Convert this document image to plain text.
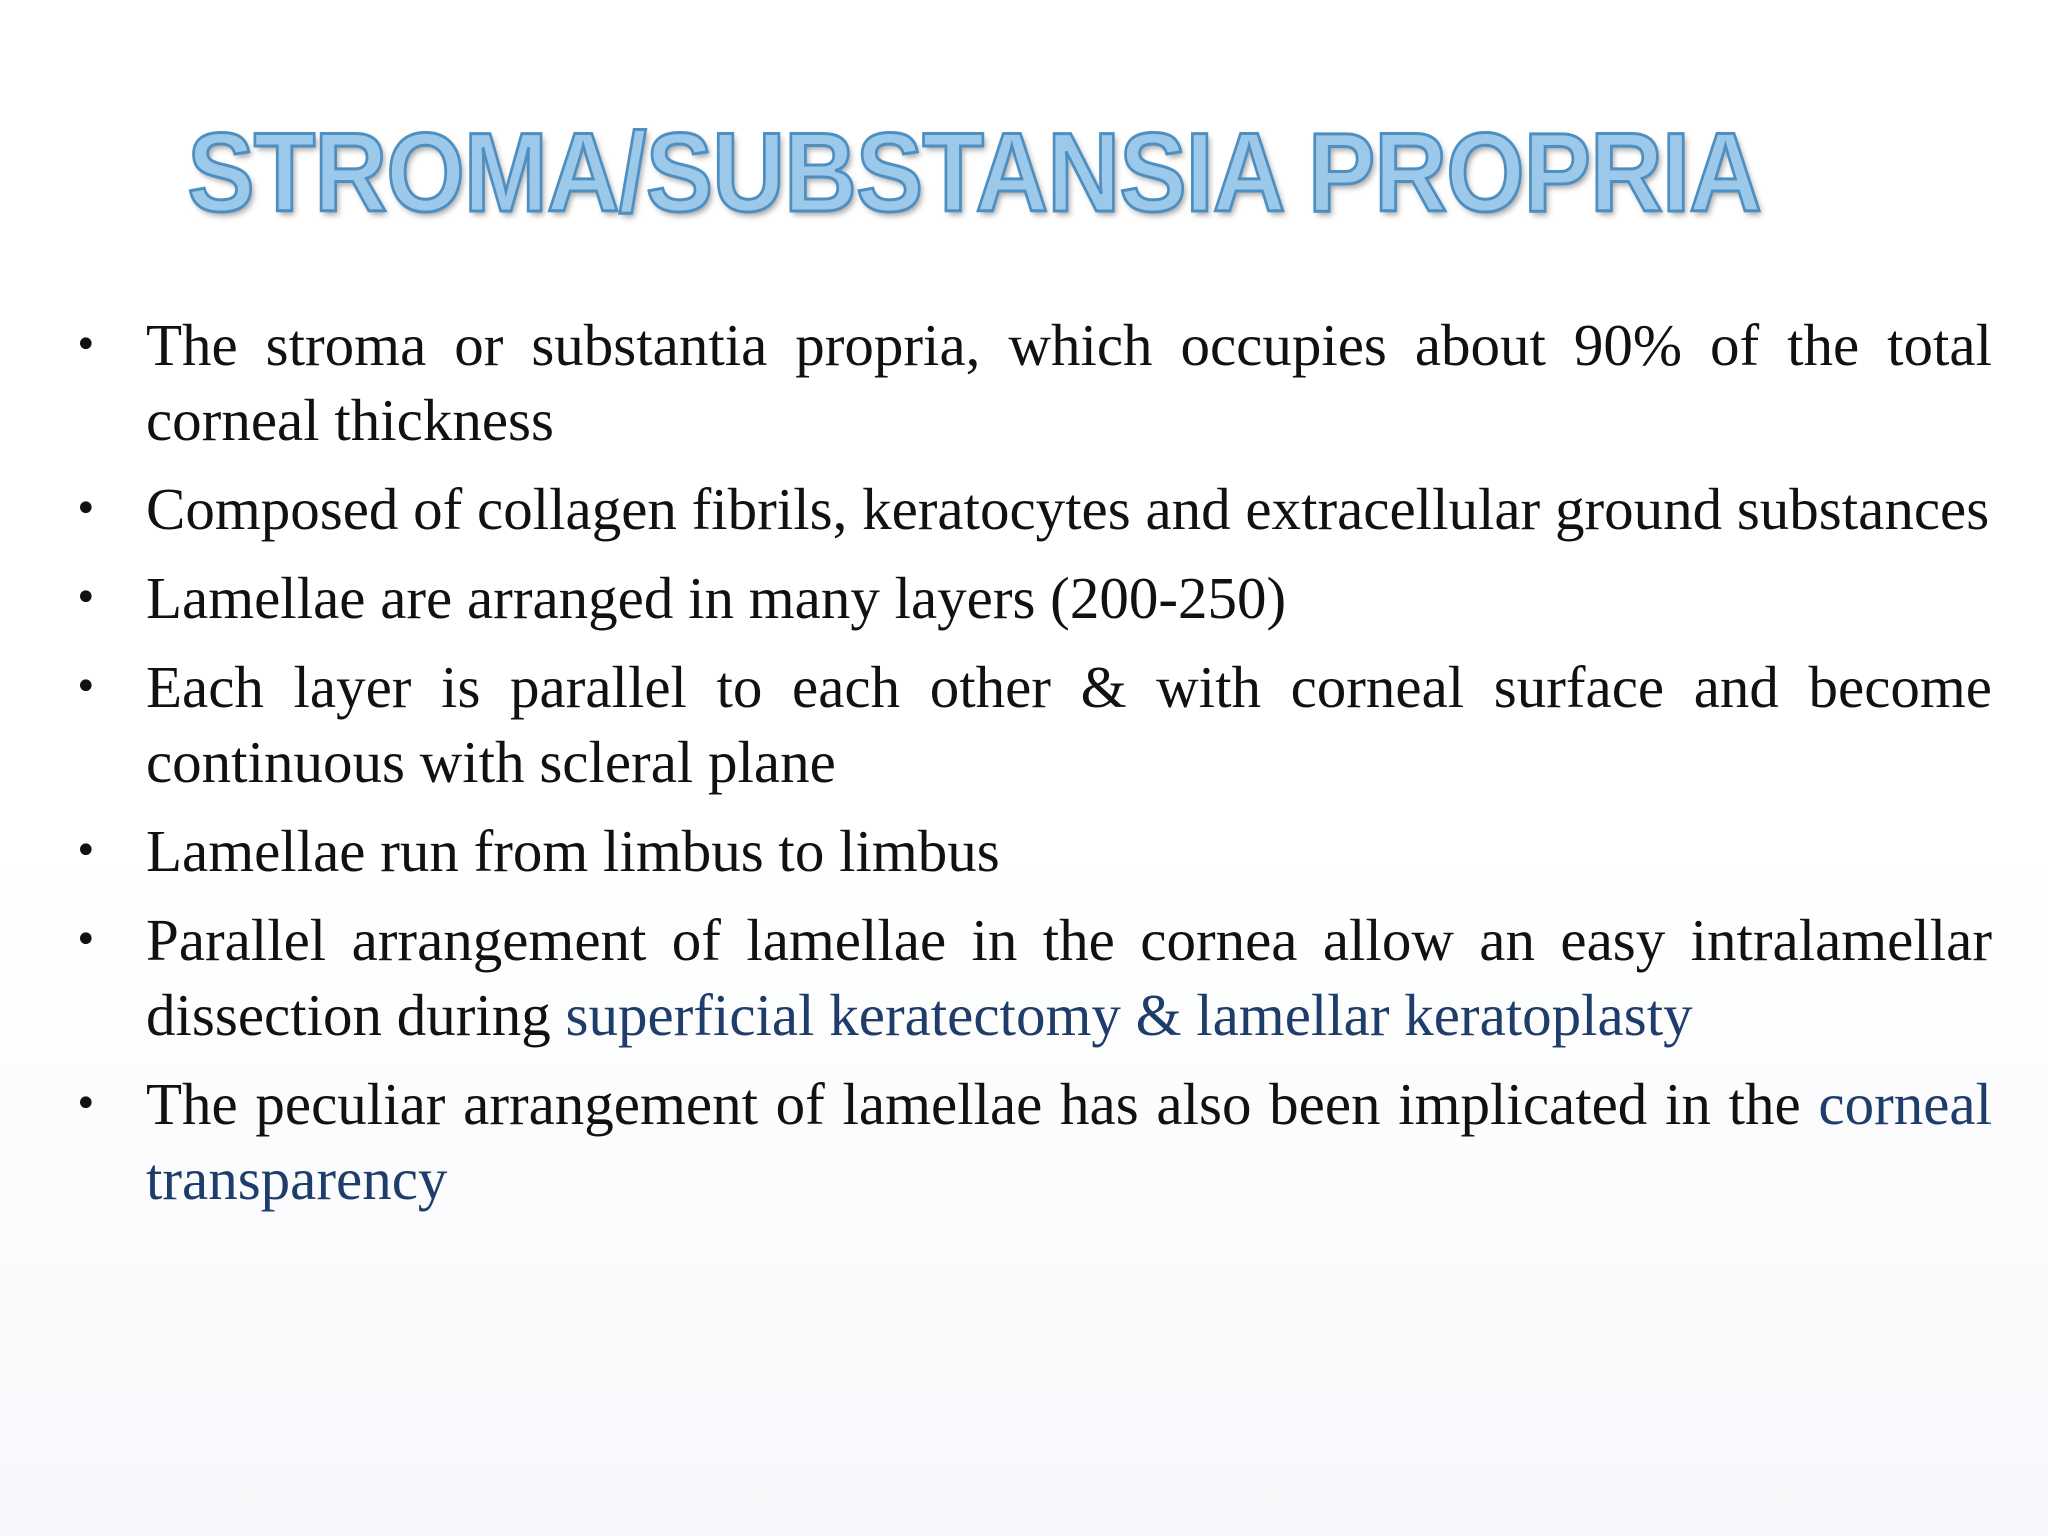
STROMA/SUBSTANSIA PROPRIA
• The stroma or substantia propria, which occupies about 90% of the total corneal thickness
• Composed of collagen fibrils, keratocytes and extracellular ground substances
• Lamellae are arranged in many layers (200-250)
• Each layer is parallel to each other & with corneal surface and become continuous with scleral plane
• Lamellae run from limbus to limbus
• Parallel arrangement of lamellae in the cornea allow an easy intralamellar dissection during superficial keratectomy & lamellar keratoplasty
• The peculiar arrangement of lamellae has also been implicated in the corneal transparency
